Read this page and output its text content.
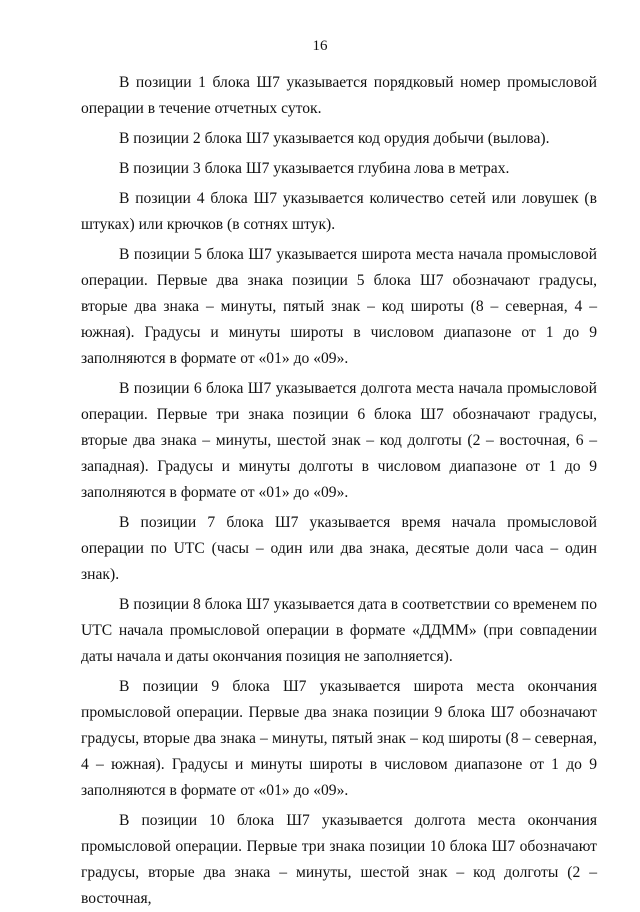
16

В позиции 1 блока Ш7 указывается порядковый номер промысловой операции в течение отчетных суток.

В позиции 2 блока Ш7 указывается код орудия добычи (вылова).

В позиции 3 блока Ш7 указывается глубина лова в метрах.

В позиции 4 блока Ш7 указывается количество сетей или ловушек (в штуках) или крючков (в сотнях штук).

В позиции 5 блока Ш7 указывается широта места начала промысловой операции. Первые два знака позиции 5 блока Ш7 обозначают градусы, вторые два знака – минуты, пятый знак – код широты (8 – северная, 4 – южная). Градусы и минуты широты в числовом диапазоне от 1 до 9 заполняются в формате от «01» до «09».

В позиции 6 блока Ш7 указывается долгота места начала промысловой операции. Первые три знака позиции 6 блока Ш7 обозначают градусы, вторые два знака – минуты, шестой знак – код долготы (2 – восточная, 6 – западная). Градусы и минуты долготы в числовом диапазоне от 1 до 9 заполняются в формате от «01» до «09».

В позиции 7 блока Ш7 указывается время начала промысловой операции по UTC (часы – один или два знака, десятые доли часа – один знак).

В позиции 8 блока Ш7 указывается дата в соответствии со временем по UTC начала промысловой операции в формате «ДДММ» (при совпадении даты начала и даты окончания позиция не заполняется).

В позиции 9 блока Ш7 указывается широта места окончания промысловой операции. Первые два знака позиции 9 блока Ш7 обозначают градусы, вторые два знака – минуты, пятый знак – код широты (8 – северная, 4 – южная). Градусы и минуты широты в числовом диапазоне от 1 до 9 заполняются в формате от «01» до «09».

В позиции 10 блока Ш7 указывается долгота места окончания промысловой операции. Первые три знака позиции 10 блока Ш7 обозначают градусы, вторые два знака – минуты, шестой знак – код долготы (2 – восточная,
